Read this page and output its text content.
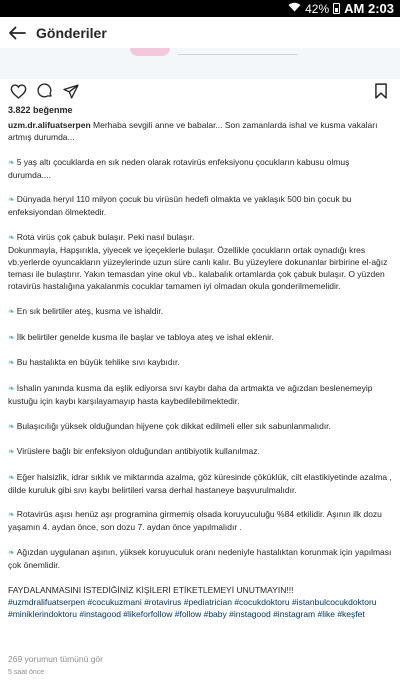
42% AM 2:03
Gönderiler
3.822 beğenme

uzm.dr.alifuatserpen Merhaba sevgili anne ve babalar... Son zamanlarda ishal ve kusma vakaları artmış durumda...

❧ 5 yaş altı çocuklarda en sık neden olarak rotavirüs enfeksiyonu çocukların kabusu olmuş durumda....

❧ Dünyada heryıl 110 milyon çocuk bu virüsün hedefi olmakta ve yaklaşık 500 bin çocuk bu enfeksiyondan ölmektedir.

❧ Rota virüs çok çabuk bulaşır. Peki nasıl bulaşır.
Dokunmayla, Hapşırıkla, yiyecek ve içeçeklerle bulaşır. Özellikle çocukların ortak oynadığı kres vb.yerlerde oyuncakların yüzeylerinde uzun süre canlı kalır. Bu yüzeylere dokunanlar birbirine el-ağız teması ile bulaştırır. Yakın temasdan yine okul vb.. kalabalık ortamlarda çok çabuk bulaşır. O yüzden rotavirüs hastalığına yakalanmis cocuklar tamamen iyi olmadan okula gonderilmemelidir.

❧ En sık belirtiler ateş, kusma ve ishaldir.

❧ İlk belirtiler genelde kusma ile başlar ve tabloya ateş ve ishal eklenir.

❧ Bu hastalıkta en büyük tehlike sıvı kaybıdır.

❧ İshalin yanında kusma da eşlik ediyorsa sıvı kaybı daha da artmakta ve ağızdan beslenemeyip kustuğu için kaybı karşılayamayıp hasta kaybedilebilmektedir.

❧ Bulaşıcılığı yüksek olduğundan hijyene çok dikkat edilmeli eller sık sabunlanmalıdır.

❧ Virüslere bağlı bir enfeksiyon olduğundan antibiyotik kullanılmaz.

❧ Eğer halsizlik, idrar sıklık ve miktarında azalma, göz küresinde çöküklük, cilt elastikiyetinde azalma , dilde kuruluk gibi sıvı kaybı belirtileri varsa derhal hastaneye başvurulmalıdır.

❧ Rotavirüs aşısı henüz aşı programina girmemiş olsada koruyuculuğu %84 etkilidir. Aşının ilk dozu yaşamın 4. aydan önce, son dozu 7. aydan önce yapılmalıdır .

❧ Ağızdan uygulanan aşının, yüksek koruyuculuk oranı nedeniyle hastalıktan korunmak için yapılması çok önemlidir.

FAYDALANMASINI İSTEDİĞİNİZ KİŞİLERİ ETİKETLEMEYİ UNUTMAYIN!!!

#uzmdralifuatserpen #cocukuzmani #rotavirus #pediatrician #cocukdoktoru #istanbulcocukdoktoru #miniklerindoktoru #instagood #likeforfollow #follow #baby #instagood #instagram #like #keşfet

269 yorumun tümünü gör
5 saat önce
